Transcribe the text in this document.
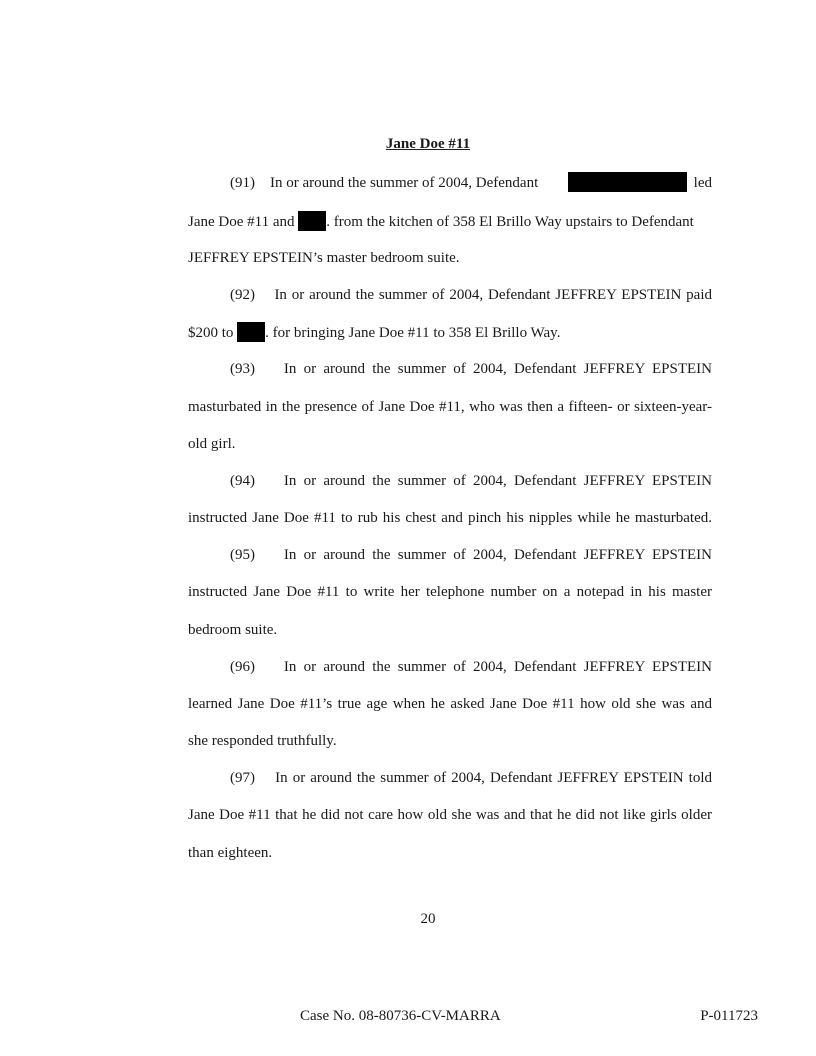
Jane Doe #11
(91) In or around the summer of 2004, Defendant	led
Jane Doe #11 and . from the kitchen of 358 El Brillo Way upstairs to Defendant
JEFFREY EPSTEIN’s master bedroom suite.
(92) In or around the summer of 2004, Defendant JEFFREY EPSTEIN paid
$200 to . for bringing Jane Doe #11 to 358 El Brillo Way.
(93) In or around the summer of 2004, Defendant JEFFREY EPSTEIN
masturbated in the presence of Jane Doe #11, who was then a fifteen- or sixteen-year-
old girl.
(94) In or around the summer of 2004, Defendant JEFFREY EPSTEIN
instructed Jane Doe #11 to rub his chest and pinch his nipples while he masturbated.
(95) In or around the summer of 2004, Defendant JEFFREY EPSTEIN
instructed Jane Doe #11 to write her telephone number on a notepad in his master
bedroom suite.
(96) In or around the summer of 2004, Defendant JEFFREY EPSTEIN
learned Jane Doe #11’s true age when he asked Jane Doe #11 how old she was and
she responded truthfully.
(97) In or around the summer of 2004, Defendant JEFFREY EPSTEIN told
Jane Doe #11 that he did not care how old she was and that he did not like girls older
than eighteen.
20
Case No. 08-80736-CV-MARRA	P-011723
